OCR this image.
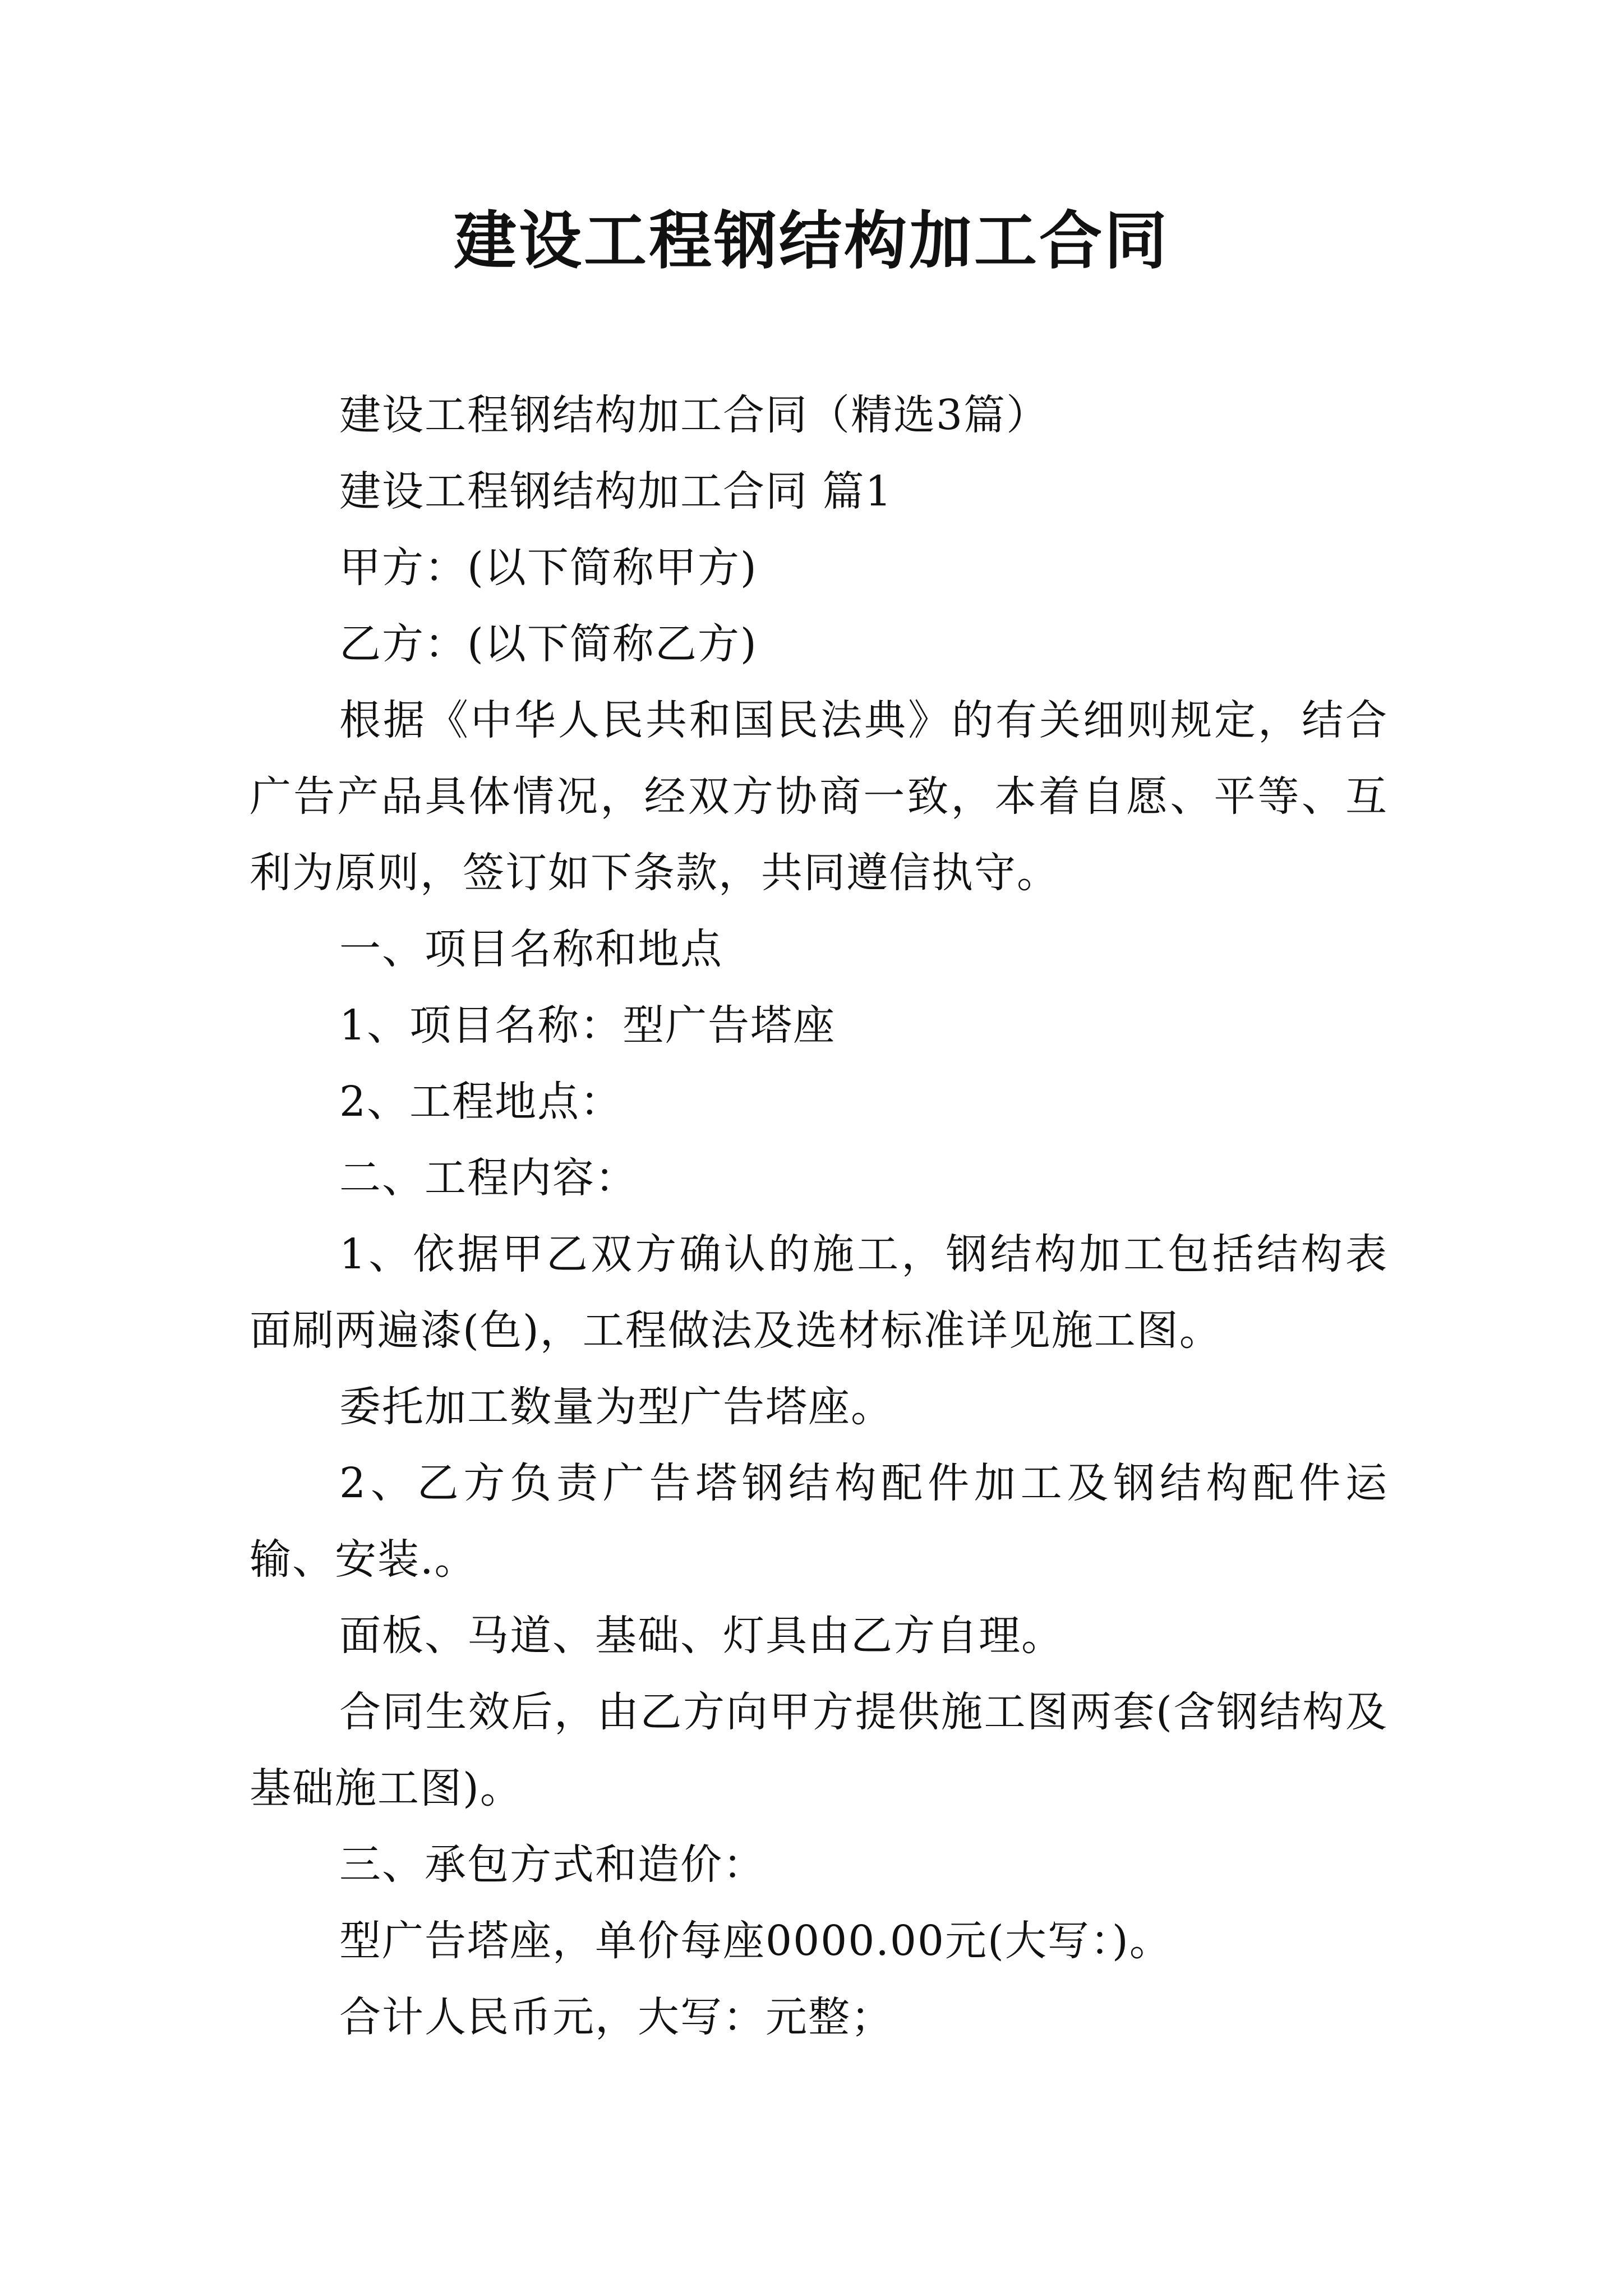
建设工程钢结构加工合同

建设工程钢结构加工合同（精选3篇）

建设工程钢结构加工合同 篇1

甲方：(以下简称甲方)

乙方：(以下简称乙方)

根据《中华人民共和国民法典》的有关细则规定，结合广告产品具体情况，经双方协商一致，本着自愿、平等、互利为原则，签订如下条款，共同遵信执守。

一、项目名称和地点

1、项目名称：型广告塔座

2、工程地点：

二、工程内容：

1、依据甲乙双方确认的施工，钢结构加工包括结构表面刷两遍漆(色)，工程做法及选材标准详见施工图。

委托加工数量为型广告塔座。

2、乙方负责广告塔钢结构配件加工及钢结构配件运输、安装.。

面板、马道、基础、灯具由乙方自理。

合同生效后，由乙方向甲方提供施工图两套(含钢结构及基础施工图)。

三、承包方式和造价：

型广告塔座，单价每座0000.00元(大写：)。

合计人民币元，大写：元整；
